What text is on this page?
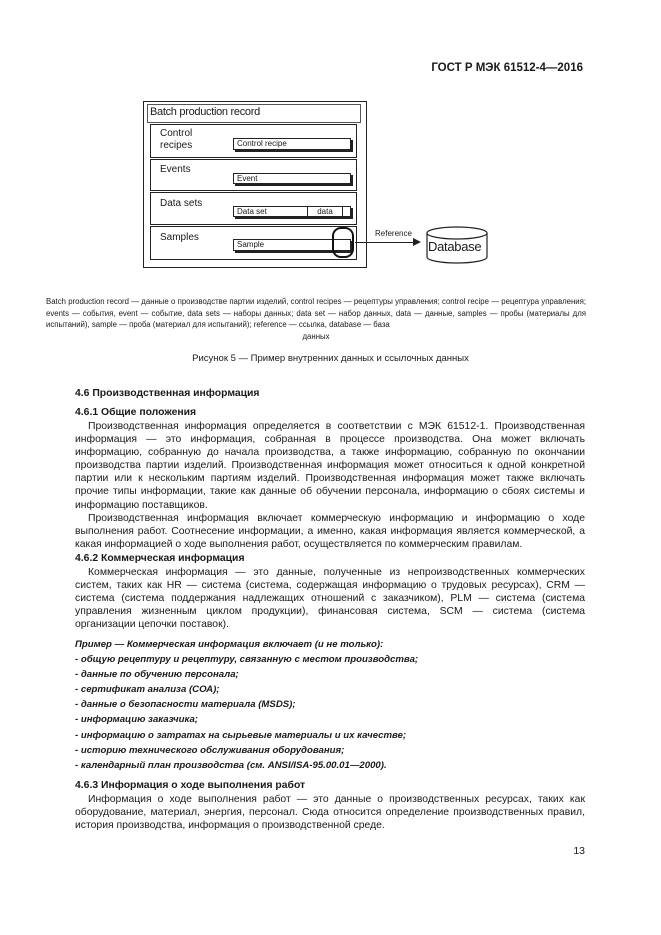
ГОСТ Р МЭК 61512-4—2016
Batch production record
Control
recipes	Control recipe
Events
Event
Data sets
Data set	data
Samples
Sample
Reference
Database
Batch production record — данные о производстве партии изделий, control recipes — рецептуры управления; control recipe — рецептура управления; events — события, event — событие, data sets — наборы данных; data set — набор данных, data — данные, samples — пробы (материалы для испытаний), sample — проба (материал для испытаний); reference — ссылка, database — база
данных
Рисунок 5 — Пример внутренних данных и ссылочных данных
4.6 Производственная информация
4.6.1 Общие положения

Производственная информация определяется в соответствии с МЭК 61512-1. Производственная информация — это информация, собранная в процессе производства. Она может включать информацию, собранную до начала производства, а также информацию, собранную по окончании производства партии изделий. Производственная информация может относиться к одной конкретной партии или к нескольким партиям изделий. Производственная информация может также включать прочие типы информации, такие как данные об обучении персонала, информацию о сбоях системы и информацию поставщиков.

Производственная информация включает коммерческую информацию и информацию о ходе выполнения работ. Соотнесение информации, а именно, какая информация является коммерческой, а какая информацией о ходе выполнения работ, осуществляется по коммерческим правилам.

4.6.2 Коммерческая информация

Коммерческая информация — это данные, полученные из непроизводственных коммерческих систем, таких как HR — система (система, содержащая информацию о трудовых ресурсах), CRM — система (система поддержания надлежащих отношений с заказчиком), PLM — система (система управления жизненным циклом продукции), финансовая система, SCM — система (система организации цепочки поставок).

Пример — Коммерческая информация включает (и не только):
- общую рецептуру и рецептуру, связанную с местом производства;
- данные по обучению персонала;
- сертификат анализа (СОА);
- данные о безопасности материала (MSDS);
- информацию заказчика;
- информацию о затратах на сырьевые материалы и их качестве;
- историю технического обслуживания оборудования;
- календарный план производства (см. ANSI/ISA-95.00.01—2000).
4.6.3 Информация о ходе выполнения работ

Информация о ходе выполнения работ — это данные о производственных ресурсах, таких как оборудование, материал, энергия, персонал. Сюда относится определение производственных правил, история производства, информация о производственной среде.

13
